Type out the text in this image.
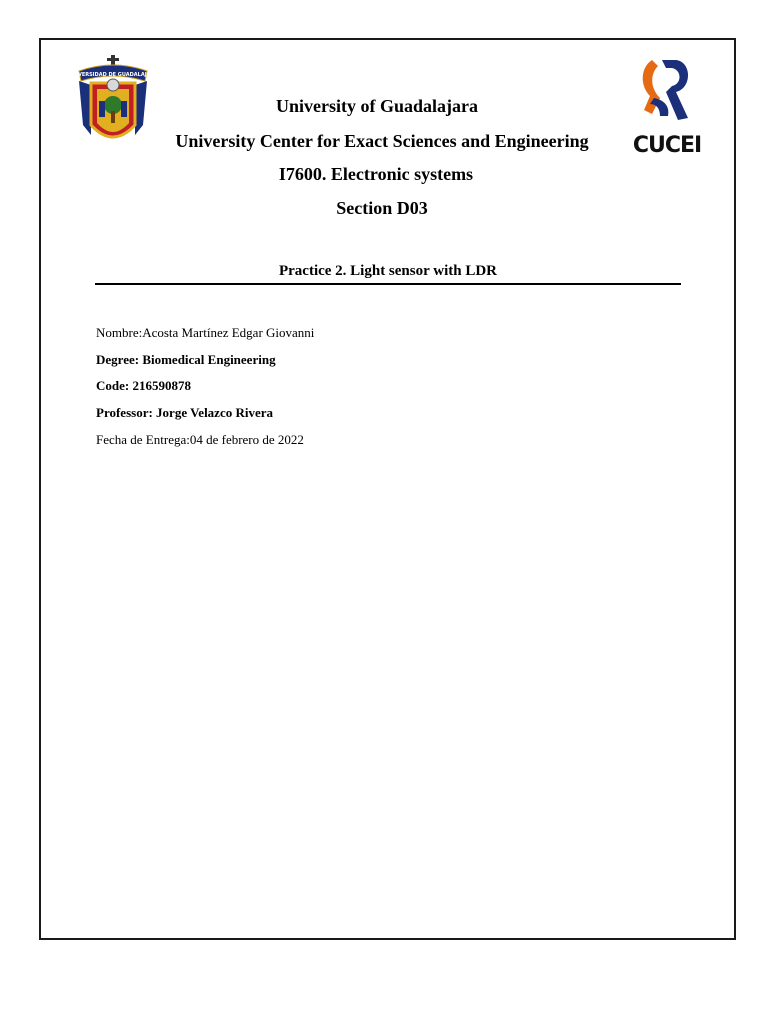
UNIVERSIDAD DE GUADALAJARA
CUCEI
University of Guadalajara
University Center for Exact Sciences and Engineering
I7600. Electronic systems
Section D03
Practice 2. Light sensor with LDR
Nombre:Acosta Martínez Edgar Giovanni
Degree: Biomedical Engineering
Code: 216590878
Professor: Jorge Velazco Rivera
Fecha de Entrega:04 de febrero de 2022
